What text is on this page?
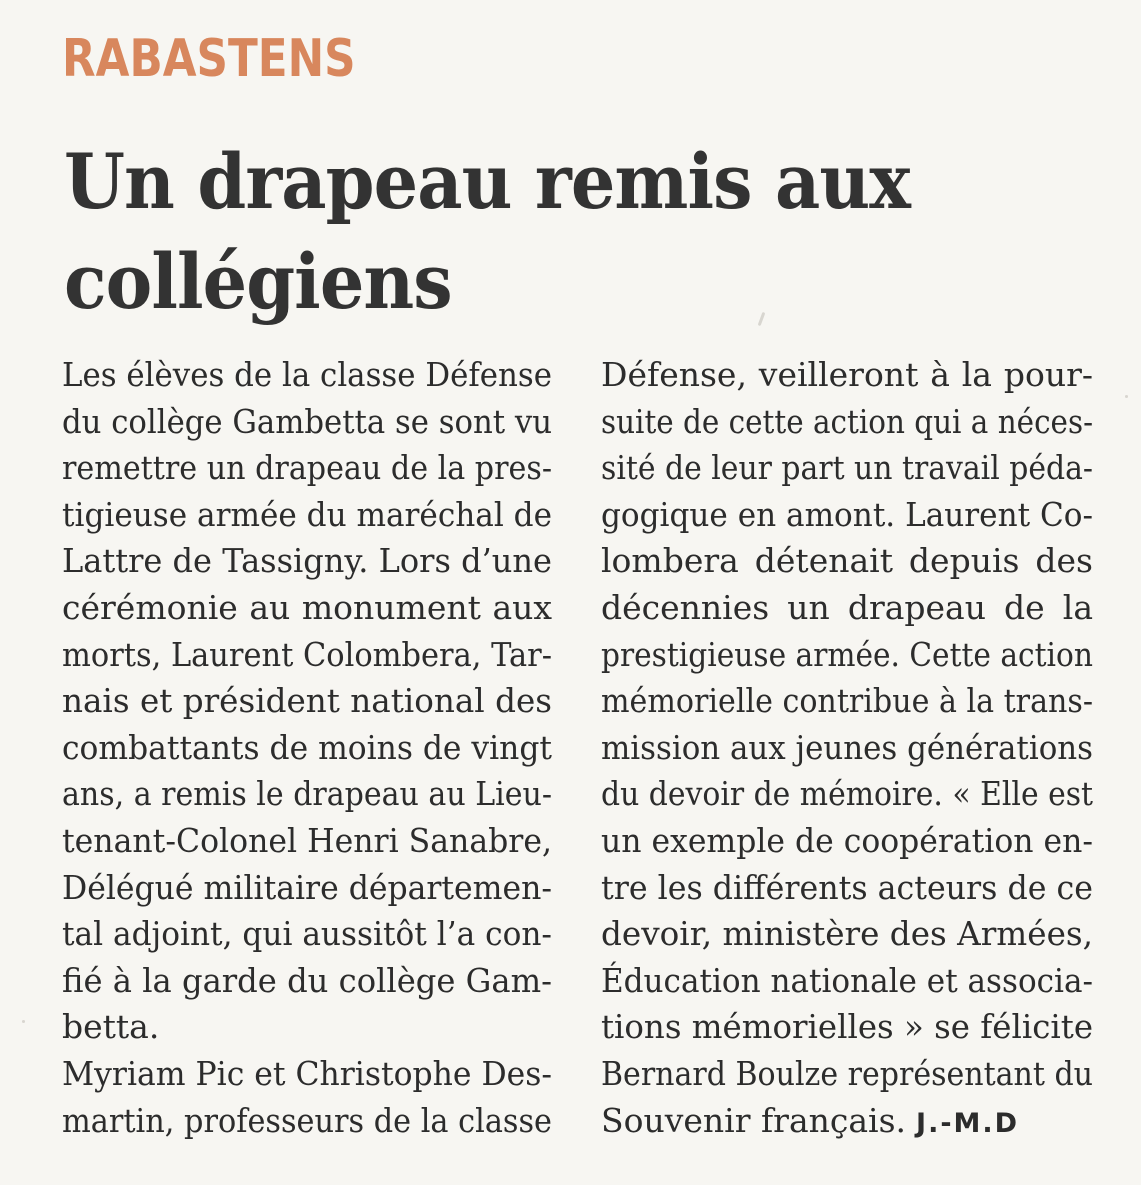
RABASTENS
Un drapeau remis aux
collégiens
Les élèves de la classe Défense
du collège Gambetta se sont vu
remettre un drapeau de la pres-
tigieuse armée du maréchal de
Lattre de Tassigny. Lors d’une
cérémonie au monument aux
morts, Laurent Colombera, Tar-
nais et président national des
combattants de moins de vingt
ans, a remis le drapeau au Lieu-
tenant-Colonel Henri Sanabre,
Délégué militaire départemen-
tal adjoint, qui aussitôt l’a con-
fié à la garde du collège Gam-
betta.
Myriam Pic et Christophe Des-
martin, professeurs de la classe
Défense, veilleront à la pour-
suite de cette action qui a néces-
sité de leur part un travail péda-
gogique en amont. Laurent Co-
lombera détenait depuis des
décennies un drapeau de la
prestigieuse armée. Cette action
mémorielle contribue à la trans-
mission aux jeunes générations
du devoir de mémoire. « Elle est
un exemple de coopération en-
tre les différents acteurs de ce
devoir, ministère des Armées,
Éducation nationale et associa-
tions mémorielles » se félicite
Bernard Boulze représentant du
Souvenir français. J.-M.D
